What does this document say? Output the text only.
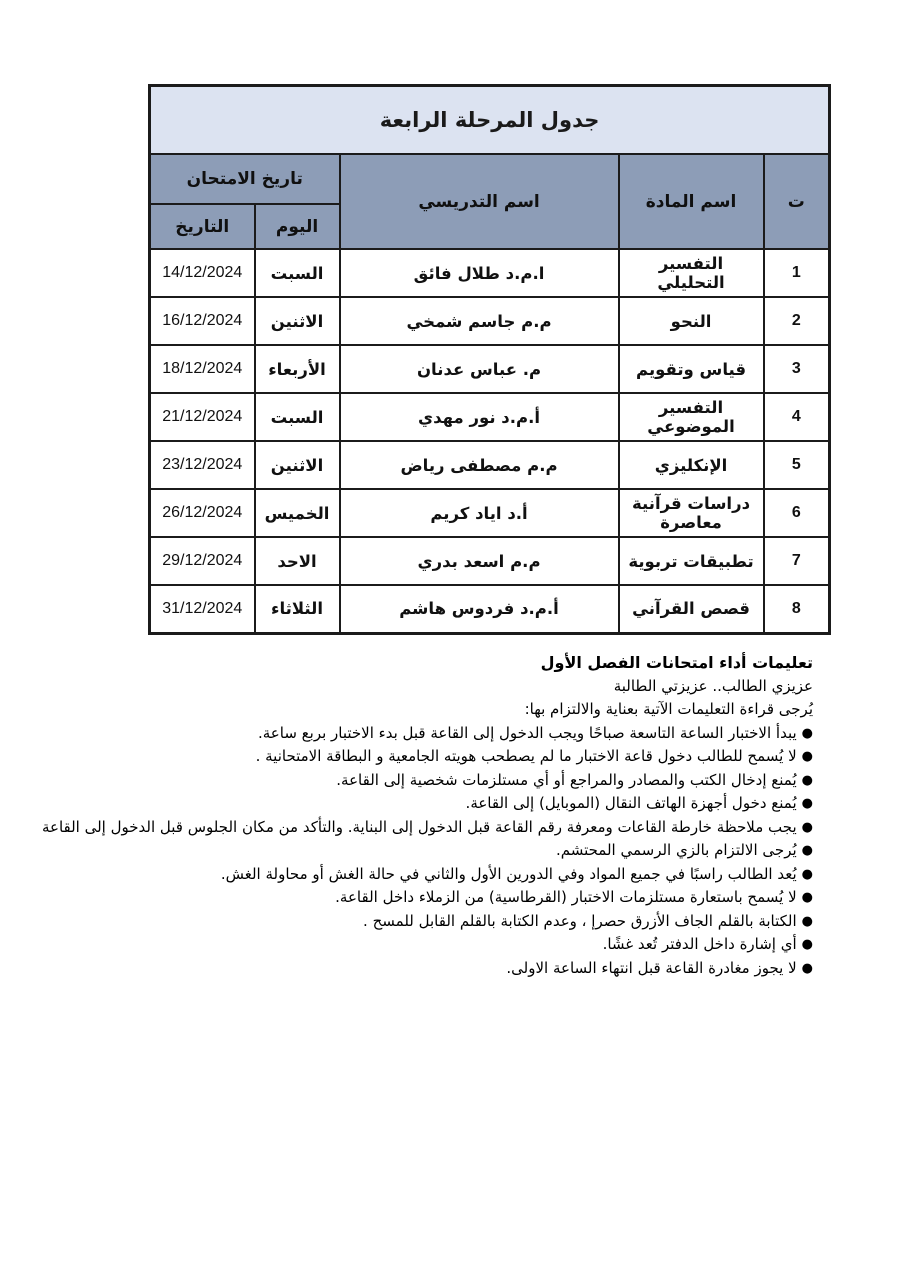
جدول المرحلة الرابعة				
ت	اسم المادة	اسم التدريسي	تاريخ الامتحان	
			اليوم	التاريخ
1	التفسير التحليلي	ا.م.د طلال فائق	السبت	14/12/2024
2	النحو	م.م جاسم شمخي	الاثنين	16/12/2024
3	قياس وتقويم	م. عباس عدنان	الأربعاء	18/12/2024
4	التفسير الموضوعي	أ.م.د نور مهدي	السبت	21/12/2024
5	الإنكليزي	م.م مصطفى رياض	الاثنين	23/12/2024
6	دراسات قرآنية معاصرة	أ.د اياد كريم	الخميس	26/12/2024
7	تطبيقات تربوية	م.م اسعد بدري	الاحد	29/12/2024
8	قصص القرآني	أ.م.د فردوس هاشم	الثلاثاء	31/12/2024
تعليمات أداء امتحانات الفصل الأول
عزيزي الطالب.. عزيزتي الطالبة
يُرجى قراءة التعليمات الآتية بعناية والالتزام بها:
●يبدأ الاختبار الساعة التاسعة صباحًا ويجب الدخول إلى القاعة قبل بدء الاختبار بربع ساعة.
●لا يُسمح للطالب دخول قاعة الاختبار ما لم يصطحب هويته الجامعية و البطاقة الامتحانية .
●يُمنع إدخال الكتب والمصادر والمراجع أو أي مستلزمات شخصية إلى القاعة.
●يُمنع دخول أجهزة الهاتف النقال (الموبايل) إلى القاعة.
●يجب ملاحظة خارطة القاعات ومعرفة رقم القاعة قبل الدخول إلى البناية. والتأكد من مكان الجلوس قبل الدخول إلى القاعة
●يُرجى الالتزام بالزي الرسمي المحتشم.
●يُعد الطالب راسبًا في جميع المواد وفي الدورين الأول والثاني في حالة الغش أو محاولة الغش.
●لا يُسمح باستعارة مستلزمات الاختبار (القرطاسية) من الزملاء داخل القاعة.
●الكتابة بالقلم الجاف الأزرق حصرإ ، وعدم الكتابة بالقلم القابل للمسح .
●أي إشارة داخل الدفتر تُعد غشًا.
●لا يجوز مغادرة القاعة قبل انتهاء الساعة الاولى.
